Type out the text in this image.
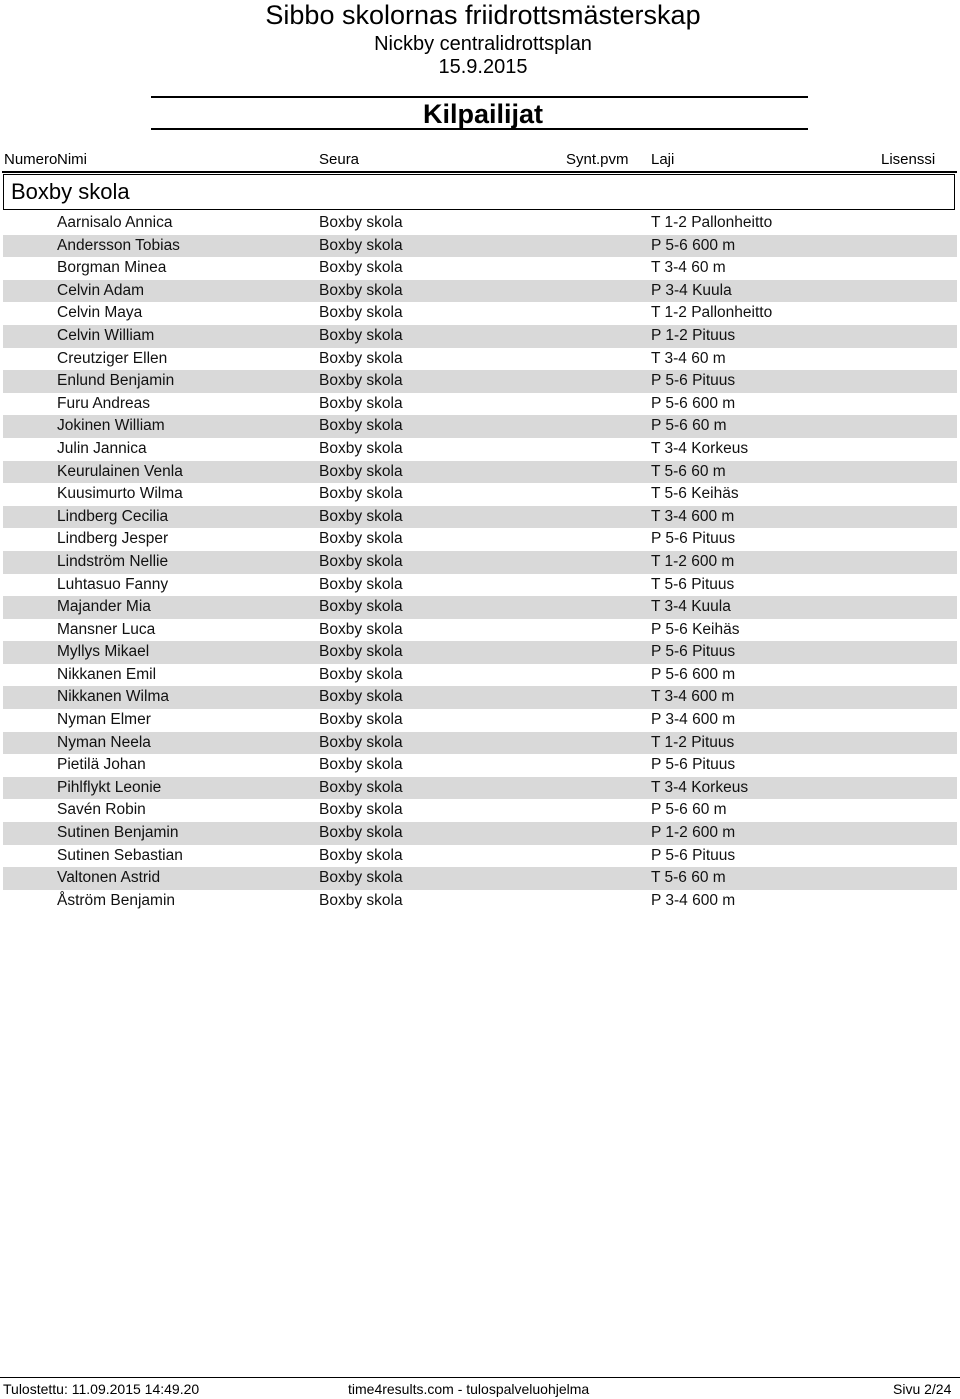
Sibbo skolornas friidrottsmästerskap
Nickby centralidrottsplan
15.9.2015
Kilpailijat
Numero Nimi	Seura	Synt.pvm Laji	Lisenssi
Boxby skola
Aarnisalo Annica	Boxby skola	T 1-2 Pallonheitto
Andersson Tobias	Boxby skola	P 5-6 600 m
Borgman Minea	Boxby skola	T 3-4 60 m
Celvin Adam	Boxby skola	P 3-4 Kuula
Celvin Maya	Boxby skola	T 1-2 Pallonheitto
Celvin William	Boxby skola	P 1-2 Pituus
Creutziger Ellen	Boxby skola	T 3-4 60 m
Enlund Benjamin	Boxby skola	P 5-6 Pituus
Furu Andreas	Boxby skola	P 5-6 600 m
Jokinen William	Boxby skola	P 5-6 60 m
Julin Jannica	Boxby skola	T 3-4 Korkeus
Keurulainen Venla	Boxby skola	T 5-6 60 m
Kuusimurto Wilma	Boxby skola	T 5-6 Keihäs
Lindberg Cecilia	Boxby skola	T 3-4 600 m
Lindberg Jesper	Boxby skola	P 5-6 Pituus
Lindström Nellie	Boxby skola	T 1-2 600 m
Luhtasuo Fanny	Boxby skola	T 5-6 Pituus
Majander Mia	Boxby skola	T 3-4 Kuula
Mansner Luca	Boxby skola	P 5-6 Keihäs
Myllys Mikael	Boxby skola	P 5-6 Pituus
Nikkanen Emil	Boxby skola	P 5-6 600 m
Nikkanen Wilma	Boxby skola	T 3-4 600 m
Nyman Elmer	Boxby skola	P 3-4 600 m
Nyman Neela	Boxby skola	T 1-2 Pituus
Pietilä Johan	Boxby skola	P 5-6 Pituus
Pihlflykt Leonie	Boxby skola	T 3-4 Korkeus
Savén Robin	Boxby skola	P 5-6 60 m
Sutinen Benjamin	Boxby skola	P 1-2 600 m
Sutinen Sebastian	Boxby skola	P 5-6 Pituus
Valtonen Astrid	Boxby skola	T 5-6 60 m
Åström Benjamin	Boxby skola	P 3-4 600 m
Tulostettu: 11.09.2015 14:49.20	time4results.com - tulospalveluohjelma	Sivu 2/24
